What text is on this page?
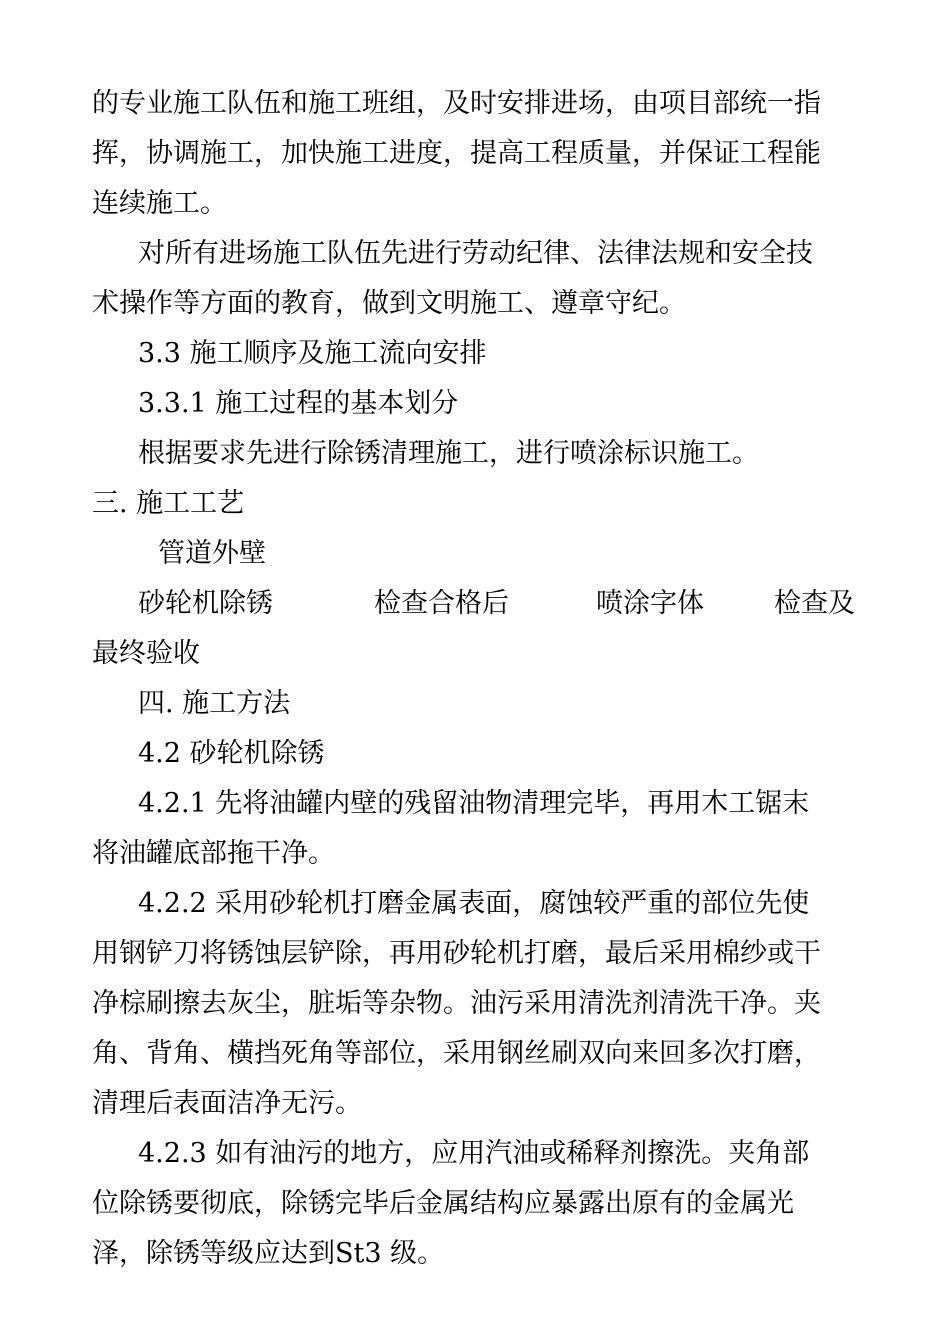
的专业施工队伍和施工班组，及时安排进场，由项目部统一指
挥，协调施工，加快施工进度，提高工程质量，并保证工程能
连续施工。
对所有进场施工队伍先进行劳动纪律、法律法规和安全技
术操作等方面的教育，做到文明施工、遵章守纪。
3.3 施工顺序及施工流向安排
3.3.1 施工过程的基本划分
根据要求先进行除锈清理施工，进行喷涂标识施工。
三. 施工工艺
管道外壁
砂轮机除锈	检查合格后	喷涂字体	检查及
最终验收
四. 施工方法
4.2 砂轮机除锈
4.2.1 先将油罐内壁的残留油物清理完毕，再用木工锯末
将油罐底部拖干净。
4.2.2 采用砂轮机打磨金属表面，腐蚀较严重的部位先使
用钢铲刀将锈蚀层铲除，再用砂轮机打磨，最后采用棉纱或干
净棕刷擦去灰尘，脏垢等杂物。油污采用清洗剂清洗干净。夹
角、背角、横挡死角等部位，采用钢丝刷双向来回多次打磨，
清理后表面洁净无污。
4.2.3 如有油污的地方，应用汽油或稀释剂擦洗。夹角部
位除锈要彻底，除锈完毕后金属结构应暴露出原有的金属光
泽，除锈等级应达到St3 级。
